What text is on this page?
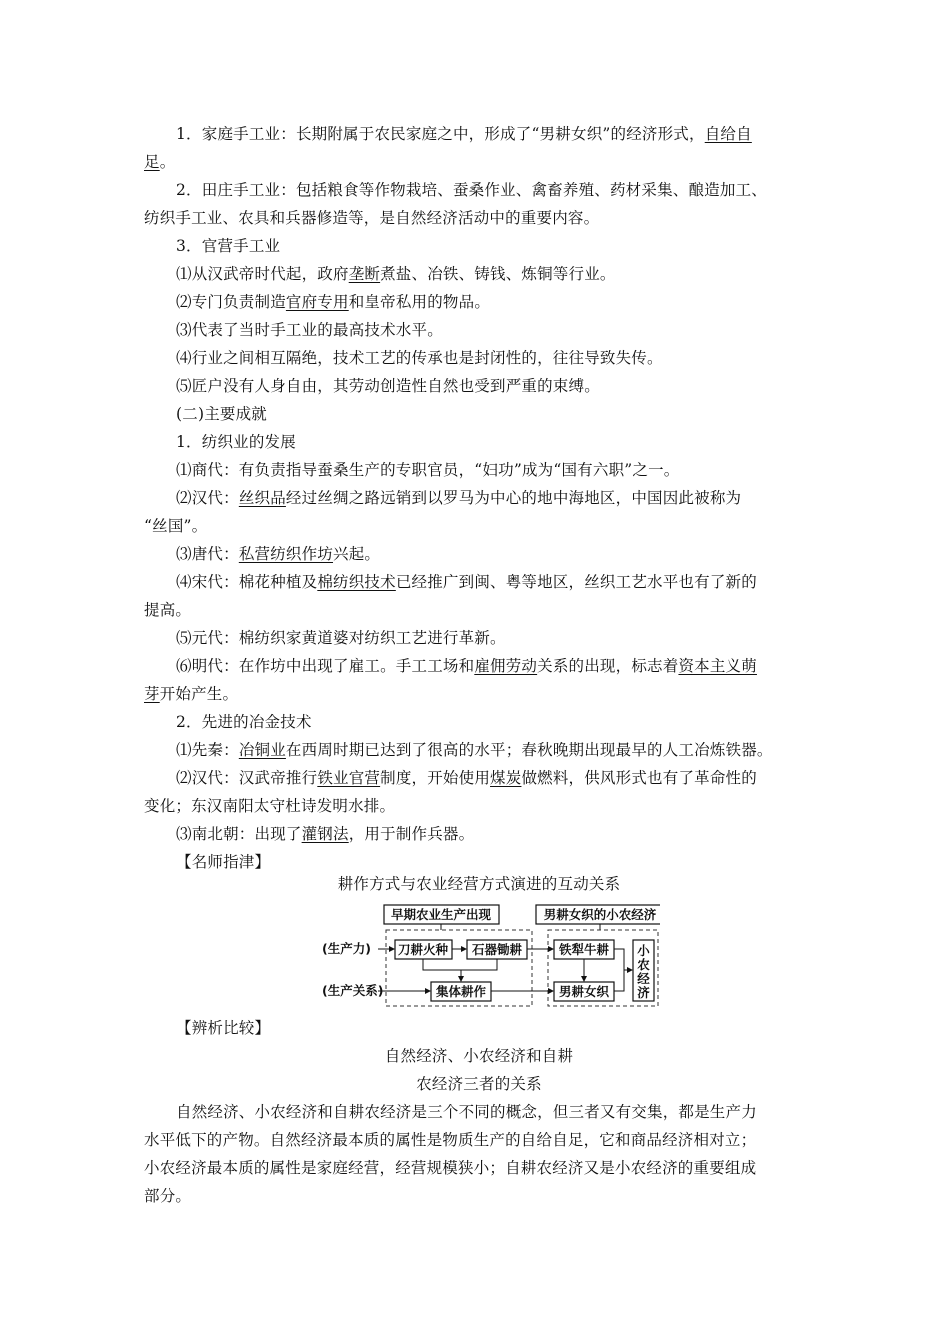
1．家庭手工业：长期附属于农民家庭之中，形成了“男耕女织”的经济形式，自给自
足。
2．田庄手工业：包括粮食等作物栽培、蚕桑作业、禽畜养殖、药材采集、酿造加工、
纺织手工业、农具和兵器修造等，是自然经济活动中的重要内容。
3．官营手工业
⑴从汉武帝时代起，政府垄断煮盐、冶铁、铸钱、炼铜等行业。
⑵专门负责制造官府专用和皇帝私用的物品。
⑶代表了当时手工业的最高技术水平。
⑷行业之间相互隔绝，技术工艺的传承也是封闭性的，往往导致失传。
⑸匠户没有人身自由，其劳动创造性自然也受到严重的束缚。
(二)主要成就
1．纺织业的发展
⑴商代：有负责指导蚕桑生产的专职官员，“妇功”成为“国有六职”之一。
⑵汉代：丝织品经过丝绸之路远销到以罗马为中心的地中海地区，中国因此被称为
“丝国”。
⑶唐代：私营纺织作坊兴起。
⑷宋代：棉花种植及棉纺织技术已经推广到闽、粤等地区，丝织工艺水平也有了新的
提高。
⑸元代：棉纺织家黄道婆对纺织工艺进行革新。
⑹明代：在作坊中出现了雇工。手工工场和雇佣劳动关系的出现，标志着资本主义萌
芽开始产生。
2．先进的冶金技术
⑴先秦：冶铜业在西周时期已达到了很高的水平；春秋晚期出现最早的人工冶炼铁器。
⑵汉代：汉武帝推行铁业官营制度，开始使用煤炭做燃料，供风形式也有了革命性的
变化；东汉南阳太守杜诗发明水排。
⑶南北朝：出现了灌钢法，用于制作兵器。
【名师指津】
耕作方式与农业经营方式演进的互动关系
早期农业生产出现	男耕女织的小农经济
(生产力)
(生产关系)
刀耕火种 石器锄耕
集体耕作
铁犁牛耕
男耕女织
小
农
经
济
【辨析比较】
自然经济、小农经济和自耕
农经济三者的关系
自然经济、小农经济和自耕农经济是三个不同的概念，但三者又有交集，都是生产力
水平低下的产物。自然经济最本质的属性是物质生产的自给自足，它和商品经济相对立；
小农经济最本质的属性是家庭经营，经营规模狭小；自耕农经济又是小农经济的重要组成
部分。
